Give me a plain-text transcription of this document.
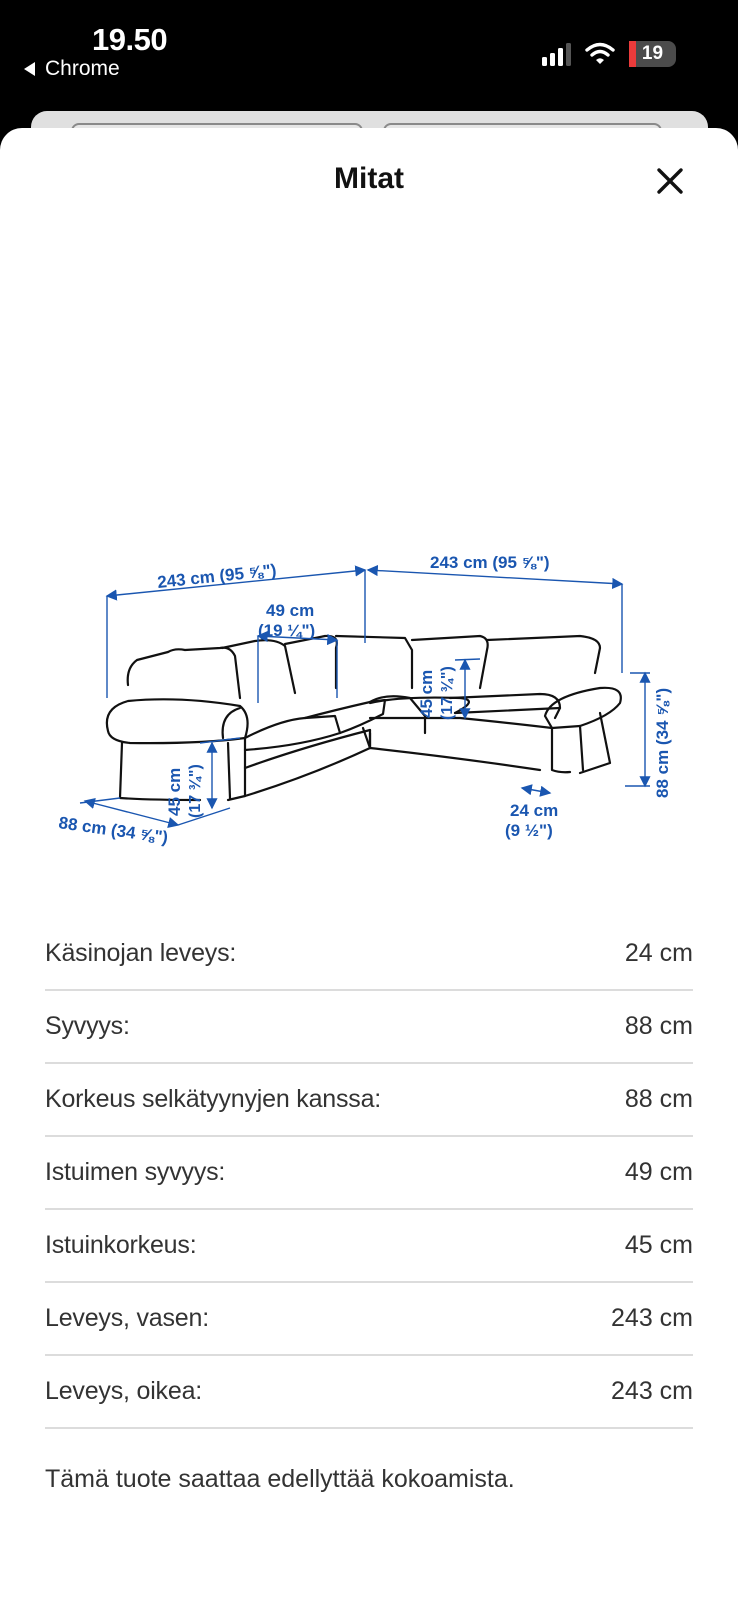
19.50
Chrome
19
Mitat
243 cm (95 ⅝")	243 cm (95 ⅝")
49 cm
(19 ¼")
45 cm (17 ¾")
45 cm (17 ¾")	88 cm (34 ⅝")
88 cm (34 ⅝")
24 cm
(9 ½")
Käsinojan leveys:	24 cm
Syvyys:	88 cm
Korkeus selkätyynyjen kanssa:	88 cm
Istuimen syvyys:	49 cm
Istuinkorkeus:	45 cm
Leveys, vasen:	243 cm
Leveys, oikea:	243 cm

Tämä tuote saattaa edellyttää kokoamista.
